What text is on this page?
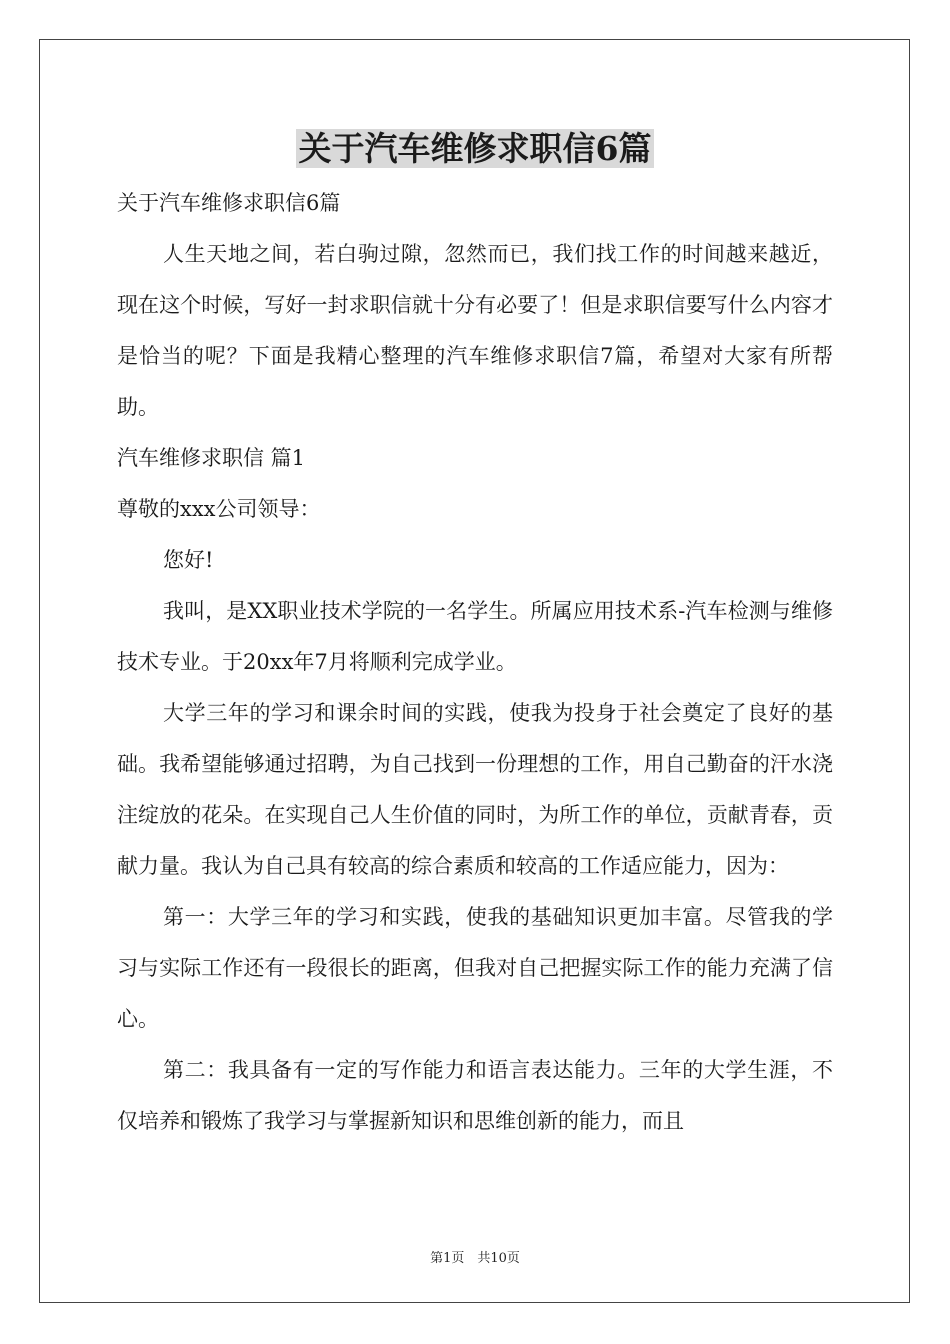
关于汽车维修求职信6篇

关于汽车维修求职信6篇

人生天地之间，若白驹过隙，忽然而已，我们找工作的时间越来越近，现在这个时候，写好一封求职信就十分有必要了！但是求职信要写什么内容才是恰当的呢？下面是我精心整理的汽车维修求职信7篇，希望对大家有所帮助。

汽车维修求职信 篇1

尊敬的xxx公司领导：

您好!

我叫，是XX职业技术学院的一名学生。所属应用技术系-汽车检测与维修技术专业。于20xx年7月将顺利完成学业。

大学三年的学习和课余时间的实践，使我为投身于社会奠定了良好的基础。我希望能够通过招聘，为自己找到一份理想的工作，用自己勤奋的汗水浇注绽放的花朵。在实现自己人生价值的同时，为所工作的单位，贡献青春，贡献力量。我认为自己具有较高的综合素质和较高的工作适应能力，因为：

第一：大学三年的学习和实践，使我的基础知识更加丰富。尽管我的学习与实际工作还有一段很长的距离，但我对自己把握实际工作的能力充满了信心。

第二：我具备有一定的写作能力和语言表达能力。三年的大学生涯，不仅培养和锻炼了我学习与掌握新知识和思维创新的能力，而且

第1页　共10页
